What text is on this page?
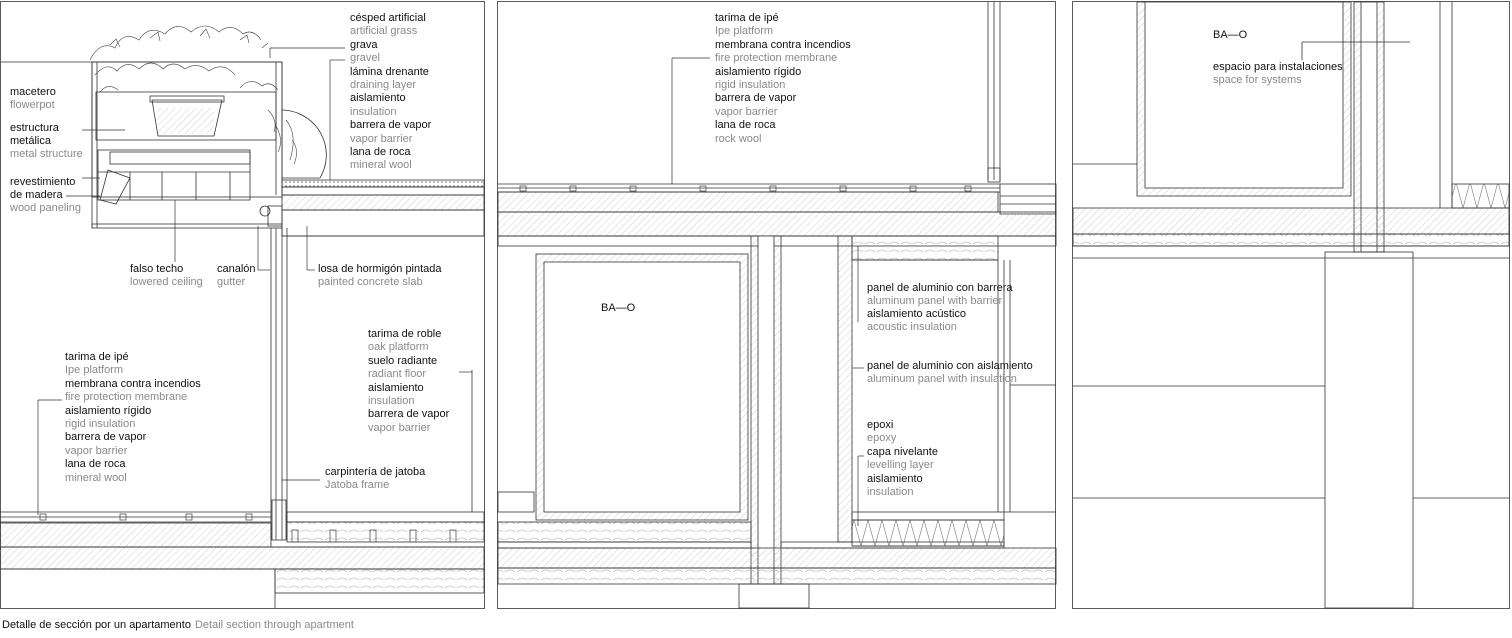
césped artificial
artificial grass
grava
gravel
lámina drenante
draining layer
aislamiento
insulation
barrera de vapor
vapor barrier
lana de roca
mineral wool
macetero
flowerpot
estructura
metálica
metal structure
revestimiento
de madera
wood paneling
falso techo
lowered ceiling
canalón
gutter
losa de hormigón pintada
painted concrete slab
tarima de roble
oak platform
suelo radiante
radiant floor
aislamiento
insulation
barrera de vapor
vapor barrier
tarima de ipé
Ipe platform
membrana contra incendios
fire protection membrane
aislamiento rígido
rigid insulation
barrera de vapor
vapor barrier
lana de roca
mineral wool	carpintería de jatoba
Jatoba frame
tarima de ipé
Ipe platform
membrana contra incendios
fire protection membrane
aislamiento rígido
rigid insulation
barrera de vapor
vapor barrier
lana de roca
rock wool
BA—O
panel de aluminio con barrera
aluminum panel with barrier
aislamiento acústico
acoustic insulation
panel de aluminio con aislamiento
aluminum panel with insulation
epoxi
epoxy
capa nivelante
levelling layer
aislamiento
insulation
BA—O
espacio para instalaciones
space for systems
Detalle de sección por un apartamento Detail section through apartment
